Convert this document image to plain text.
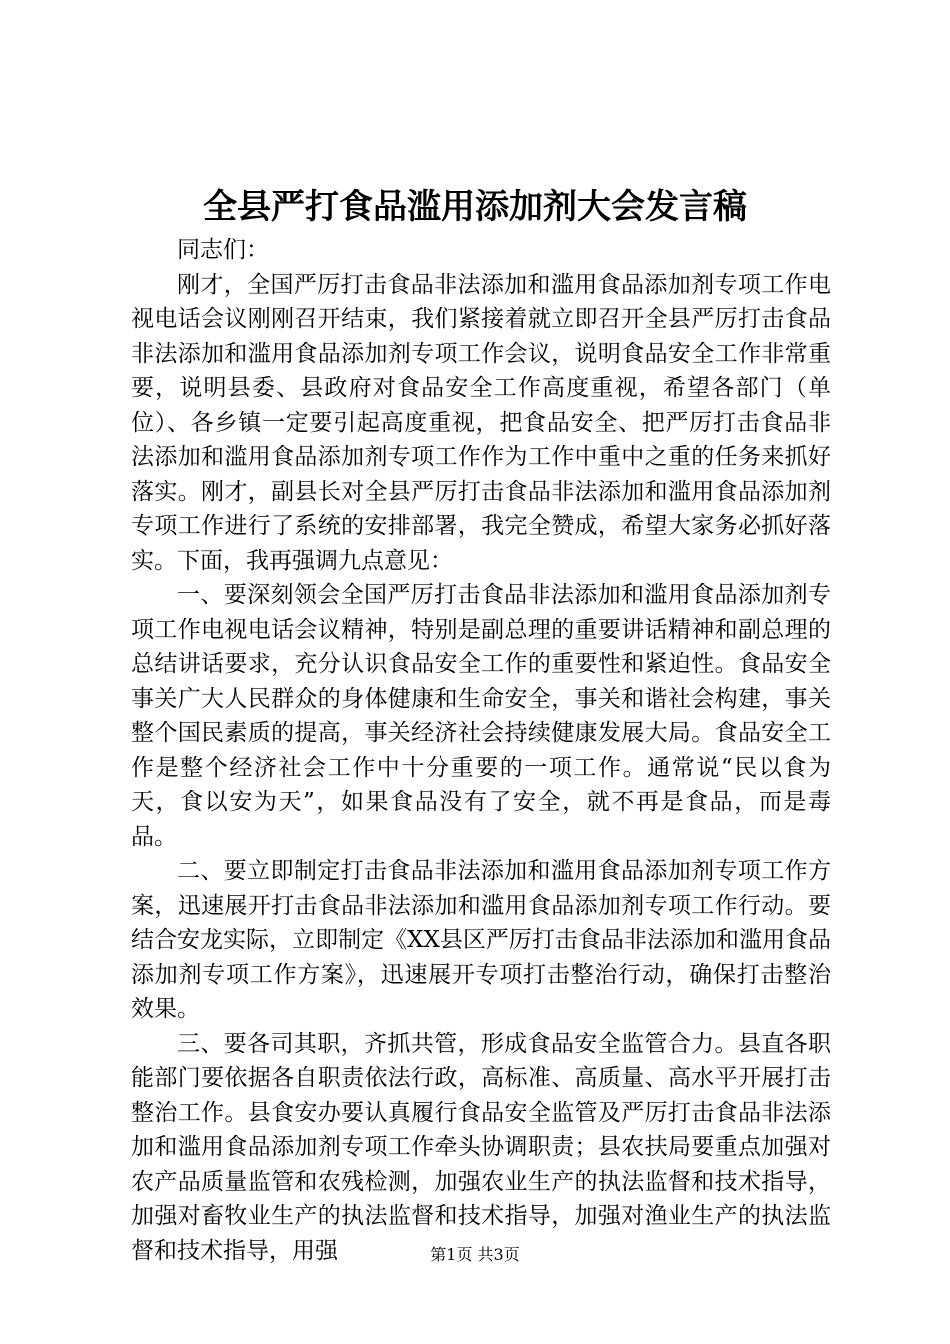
全县严打食品滥用添加剂大会发言稿

同志们：

刚才，全国严厉打击食品非法添加和滥用食品添加剂专项工作电视电话会议刚刚召开结束，我们紧接着就立即召开全县严厉打击食品非法添加和滥用食品添加剂专项工作会议，说明食品安全工作非常重要，说明县委、县政府对食品安全工作高度重视，希望各部门（单位）、各乡镇一定要引起高度重视，把食品安全、把严厉打击食品非法添加和滥用食品添加剂专项工作作为工作中重中之重的任务来抓好落实。刚才，副县长对全县严厉打击食品非法添加和滥用食品添加剂专项工作进行了系统的安排部署，我完全赞成，希望大家务必抓好落实。下面，我再强调九点意见：

一、要深刻领会全国严厉打击食品非法添加和滥用食品添加剂专项工作电视电话会议精神，特别是副总理的重要讲话精神和副总理的总结讲话要求，充分认识食品安全工作的重要性和紧迫性。食品安全事关广大人民群众的身体健康和生命安全，事关和谐社会构建，事关整个国民素质的提高，事关经济社会持续健康发展大局。食品安全工作是整个经济社会工作中十分重要的一项工作。通常说“民以食为天，食以安为天”，如果食品没有了安全，就不再是食品，而是毒品。

二、要立即制定打击食品非法添加和滥用食品添加剂专项工作方案，迅速展开打击食品非法添加和滥用食品添加剂专项工作行动。要结合安龙实际，立即制定《XX县区严厉打击食品非法添加和滥用食品添加剂专项工作方案》，迅速展开专项打击整治行动，确保打击整治效果。

三、要各司其职，齐抓共管，形成食品安全监管合力。县直各职能部门要依据各自职责依法行政，高标准、高质量、高水平开展打击整治工作。县食安办要认真履行食品安全监管及严厉打击食品非法添加和滥用食品添加剂专项工作牵头协调职责；县农扶局要重点加强对农产品质量监管和农残检测，加强农业生产的执法监督和技术指导，加强对畜牧业生产的执法监督和技术指导，加强对渔业生产的执法监督和技术指导，用强	第1页 共3页
